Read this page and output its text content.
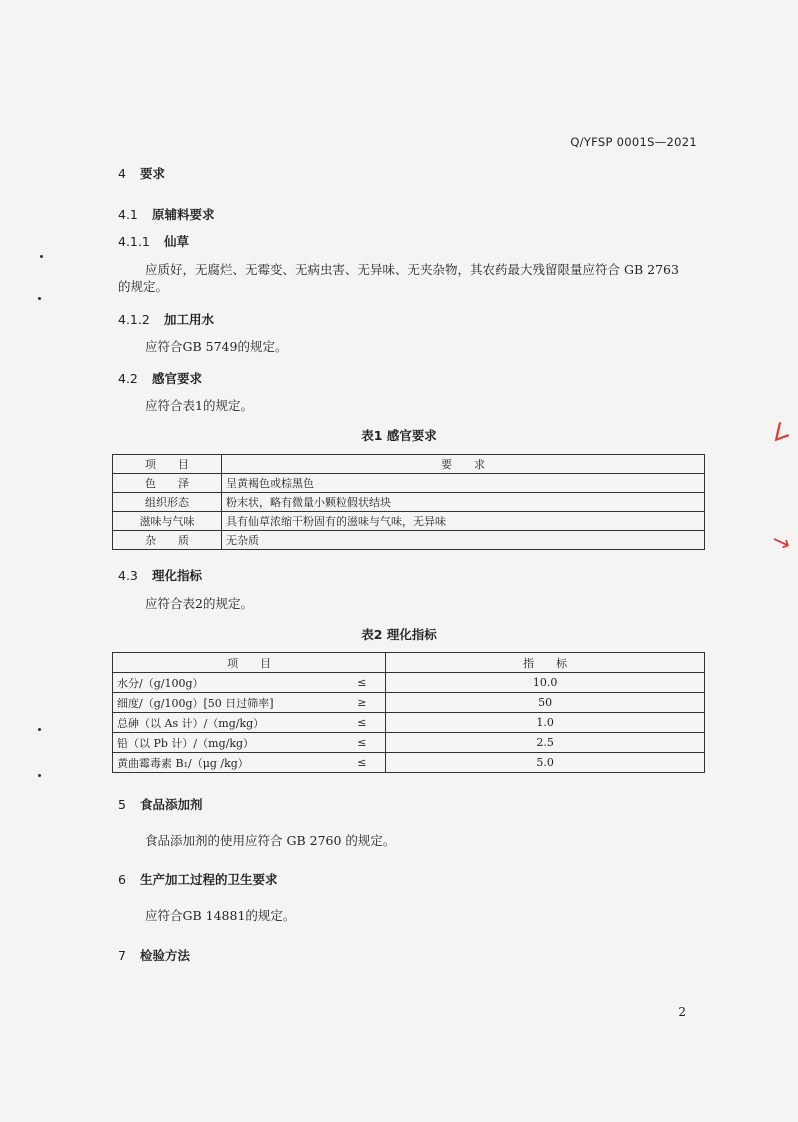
Q/YFSP 0001S—2021
4 要求
4.1 原辅料要求
4.1.1 仙草
应质好，无腐烂、无霉变、无病虫害、无异味、无夹杂物，其农药最大残留限量应符合 GB 2763
的规定。
4.1.2 加工用水
应符合GB 5749的规定。
4.2 感官要求
应符合表1的规定。
表1 感官要求
项　　目	要　　求
色　　泽	呈黄褐色或棕黑色
组织形态	粉末状，略有微量小颗粒假状结块
滋味与气味	具有仙草浓缩干粉固有的滋味与气味，无异味
杂　　质	无杂质
4.3 理化指标
应符合表2的规定。
表2 理化指标
项　　目		指　　标
水分/（g/100g）	≤	10.0
细度/（g/100g）[50 日过筛率]	≥	50
总砷（以 As 计）/（mg/kg）	≤	1.0
铅（以 Pb 计）/（mg/kg）	≤	2.5
黄曲霉毒素 B₁/（μg /kg）	≤	5.0
5 食品添加剂
食品添加剂的使用应符合 GB 2760 的规定。
6 生产加工过程的卫生要求
应符合GB 14881的规定。
7 检验方法
2
∠
↘
